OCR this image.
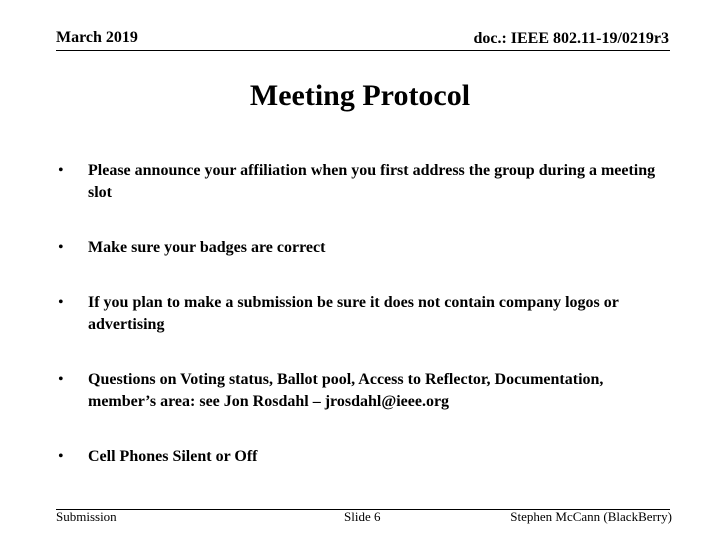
March 2019	doc.: IEEE 802.11-19/0219r3
Meeting Protocol
• Please announce your affiliation when you first address the group during a meeting slot
• Make sure your badges are correct
• If you plan to make a submission be sure it does not contain company logos or advertising
• Questions on Voting status, Ballot pool, Access to Reflector, Documentation, member’s area: see Jon Rosdahl – jrosdahl@ieee.org
• Cell Phones Silent or Off
Submission	Slide 6	Stephen McCann (BlackBerry)
